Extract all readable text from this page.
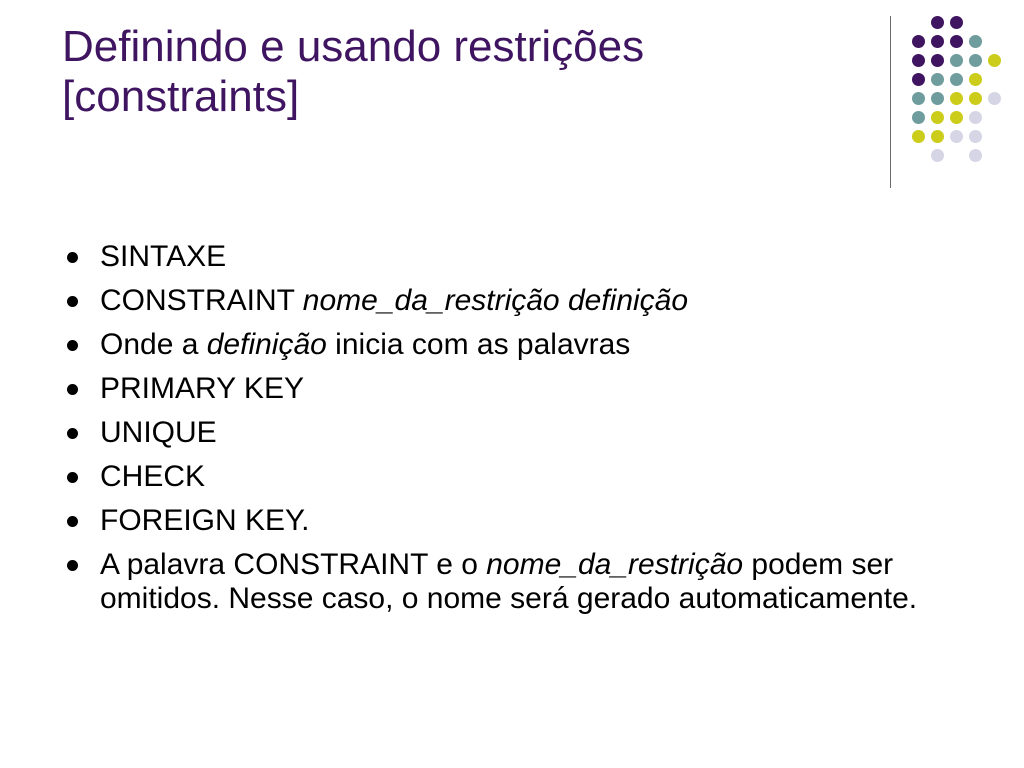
Definindo e usando restrições
[constraints]
SINTAXE
CONSTRAINT nome_da_restrição definição
Onde a definição inicia com as palavras
PRIMARY KEY
UNIQUE
CHECK
FOREIGN KEY.
A palavra CONSTRAINT e o nome_da_restrição podem ser omitidos. Nesse caso, o nome será gerado automaticamente.
